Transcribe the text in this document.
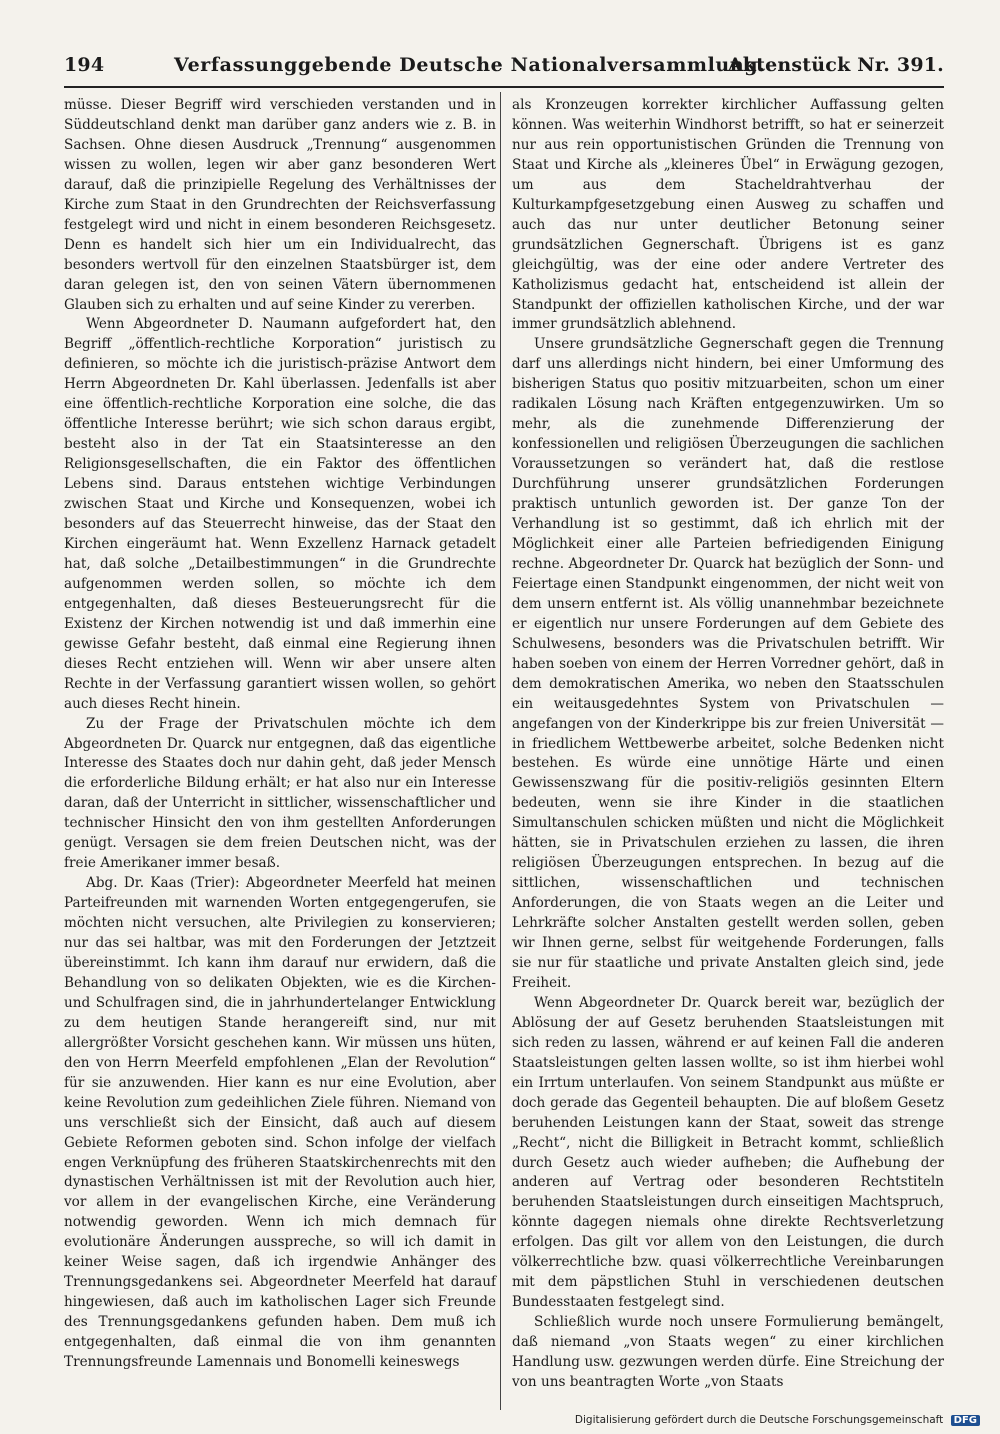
194	Verfassunggebende Deutsche Nationalversammlung.
Aktenstück Nr. 391.

müsse. Dieser Begriff wird verschieden verstanden und in Süddeutschland denkt man darüber ganz anders wie z. B. in Sachsen. Ohne diesen Ausdruck „Trennung“ ausgenommen wissen zu wollen, legen wir aber ganz besonderen Wert darauf, daß die prinzipielle Regelung des Verhältnisses der Kirche zum Staat in den Grundrechten der Reichsverfassung festgelegt wird und nicht in einem besonderen Reichsgesetz. Denn es handelt sich hier um ein Individualrecht, das besonders wertvoll für den einzelnen Staatsbürger ist, dem daran gelegen ist, den von seinen Vätern übernommenen Glauben sich zu erhalten und auf seine Kinder zu vererben.

Wenn Abgeordneter D. Naumann aufgefordert hat, den Begriff „öffentlich-rechtliche Korporation“ juristisch zu definieren, so möchte ich die juristisch-präzise Antwort dem Herrn Abgeordneten Dr. Kahl überlassen. Jedenfalls ist aber eine öffentlich-rechtliche Korporation eine solche, die das öffentliche Interesse berührt; wie sich schon daraus ergibt, besteht also in der Tat ein Staatsinteresse an den Religionsgesellschaften, die ein Faktor des öffentlichen Lebens sind. Daraus entstehen wichtige Verbindungen zwischen Staat und Kirche und Konsequenzen, wobei ich besonders auf das Steuerrecht hinweise, das der Staat den Kirchen eingeräumt hat. Wenn Exzellenz Harnack getadelt hat, daß solche „Detailbestimmungen“ in die Grundrechte aufgenommen werden sollen, so möchte ich dem entgegenhalten, daß dieses Besteuerungsrecht für die Existenz der Kirchen notwendig ist und daß immerhin eine gewisse Gefahr besteht, daß einmal eine Regierung ihnen dieses Recht entziehen will. Wenn wir aber unsere alten Rechte in der Verfassung garantiert wissen wollen, so gehört auch dieses Recht hinein.

Zu der Frage der Privatschulen möchte ich dem Abgeordneten Dr. Quarck nur entgegnen, daß das eigentliche Interesse des Staates doch nur dahin geht, daß jeder Mensch die erforderliche Bildung erhält; er hat also nur ein Interesse daran, daß der Unterricht in sittlicher, wissenschaftlicher und technischer Hinsicht den von ihm gestellten Anforderungen genügt. Versagen sie dem freien Deutschen nicht, was der freie Amerikaner immer besaß.

Abg. Dr. Kaas (Trier): Abgeordneter Meerfeld hat meinen Parteifreunden mit warnenden Worten entgegengerufen, sie möchten nicht versuchen, alte Privilegien zu konservieren; nur das sei haltbar, was mit den Forderungen der Jetztzeit übereinstimmt. Ich kann ihm darauf nur erwidern, daß die Behandlung von so delikaten Objekten, wie es die Kirchen- und Schulfragen sind, die in jahrhundertelanger Entwicklung zu dem heutigen Stande herangereift sind, nur mit allergrößter Vorsicht geschehen kann. Wir müssen uns hüten, den von Herrn Meerfeld empfohlenen „Elan der Revolution“ für sie anzuwenden. Hier kann es nur eine Evolution, aber keine Revolution zum gedeihlichen Ziele führen. Niemand von uns verschließt sich der Einsicht, daß auch auf diesem Gebiete Reformen geboten sind. Schon infolge der vielfach engen Verknüpfung des früheren Staatskirchenrechts mit den dynastischen Verhältnissen ist mit der Revolution auch hier, vor allem in der evangelischen Kirche, eine Veränderung notwendig geworden. Wenn ich mich demnach für evolutionäre Änderungen ausspreche, so will ich damit in keiner Weise sagen, daß ich irgendwie Anhänger des Trennungsgedankens sei. Abgeordneter Meerfeld hat darauf hingewiesen, daß auch im katholischen Lager sich Freunde des Trennungsgedankens gefunden haben. Dem muß ich entgegenhalten, daß einmal die von ihm genannten Trennungsfreunde Lamennais und Bonomelli keineswegs

als Kronzeugen korrekter kirchlicher Auffassung gelten können. Was weiterhin Windhorst betrifft, so hat er seinerzeit nur aus rein opportunistischen Gründen die Trennung von Staat und Kirche als „kleineres Übel“ in Erwägung gezogen, um aus dem Stacheldrahtverhau der Kulturkampfgesetzgebung einen Ausweg zu schaffen und auch das nur unter deutlicher Betonung seiner grundsätzlichen Gegnerschaft. Übrigens ist es ganz gleichgültig, was der eine oder andere Vertreter des Katholizismus gedacht hat, entscheidend ist allein der Standpunkt der offiziellen katholischen Kirche, und der war immer grundsätzlich ablehnend.

Unsere grundsätzliche Gegnerschaft gegen die Trennung darf uns allerdings nicht hindern, bei einer Umformung des bisherigen Status quo positiv mitzuarbeiten, schon um einer radikalen Lösung nach Kräften entgegenzuwirken. Um so mehr, als die zunehmende Differenzierung der konfessionellen und religiösen Überzeugungen die sachlichen Voraussetzungen so verändert hat, daß die restlose Durchführung unserer grundsätzlichen Forderungen praktisch untunlich geworden ist. Der ganze Ton der Verhandlung ist so gestimmt, daß ich ehrlich mit der Möglichkeit einer alle Parteien befriedigenden Einigung rechne. Abgeordneter Dr. Quarck hat bezüglich der Sonn- und Feiertage einen Standpunkt eingenommen, der nicht weit von dem unsern entfernt ist. Als völlig unannehmbar bezeichnete er eigentlich nur unsere Forderungen auf dem Gebiete des Schulwesens, besonders was die Privatschulen betrifft. Wir haben soeben von einem der Herren Vorredner gehört, daß in dem demokratischen Amerika, wo neben den Staatsschulen ein weitausgedehntes System von Privatschulen — angefangen von der Kinderkrippe bis zur freien Universität — in friedlichem Wettbewerbe arbeitet, solche Bedenken nicht bestehen. Es würde eine unnötige Härte und einen Gewissenszwang für die positiv-religiös gesinnten Eltern bedeuten, wenn sie ihre Kinder in die staatlichen Simultanschulen schicken müßten und nicht die Möglichkeit hätten, sie in Privatschulen erziehen zu lassen, die ihren religiösen Überzeugungen entsprechen. In bezug auf die sittlichen, wissenschaftlichen und technischen Anforderungen, die von Staats wegen an die Leiter und Lehrkräfte solcher Anstalten gestellt werden sollen, geben wir Ihnen gerne, selbst für weitgehende Forderungen, falls sie nur für staatliche und private Anstalten gleich sind, jede Freiheit.

Wenn Abgeordneter Dr. Quarck bereit war, bezüglich der Ablösung der auf Gesetz beruhenden Staatsleistungen mit sich reden zu lassen, während er auf keinen Fall die anderen Staatsleistungen gelten lassen wollte, so ist ihm hierbei wohl ein Irrtum unterlaufen. Von seinem Standpunkt aus müßte er doch gerade das Gegenteil behaupten. Die auf bloßem Gesetz beruhenden Leistungen kann der Staat, soweit das strenge „Recht“, nicht die Billigkeit in Betracht kommt, schließlich durch Gesetz auch wieder aufheben; die Aufhebung der anderen auf Vertrag oder besonderen Rechtstiteln beruhenden Staatsleistungen durch einseitigen Machtspruch, könnte dagegen niemals ohne direkte Rechtsverletzung erfolgen. Das gilt vor allem von den Leistungen, die durch völkerrechtliche bzw. quasi völkerrechtliche Vereinbarungen mit dem päpstlichen Stuhl in verschiedenen deutschen Bundesstaaten festgelegt sind.

Schließlich wurde noch unsere Formulierung bemängelt, daß niemand „von Staats wegen“ zu einer kirchlichen Handlung usw. gezwungen werden dürfe. Eine Streichung der von uns beantragten Worte „von Staats

Digitalisierung gefördert durch die Deutsche Forschungsgemeinschaft DFG
